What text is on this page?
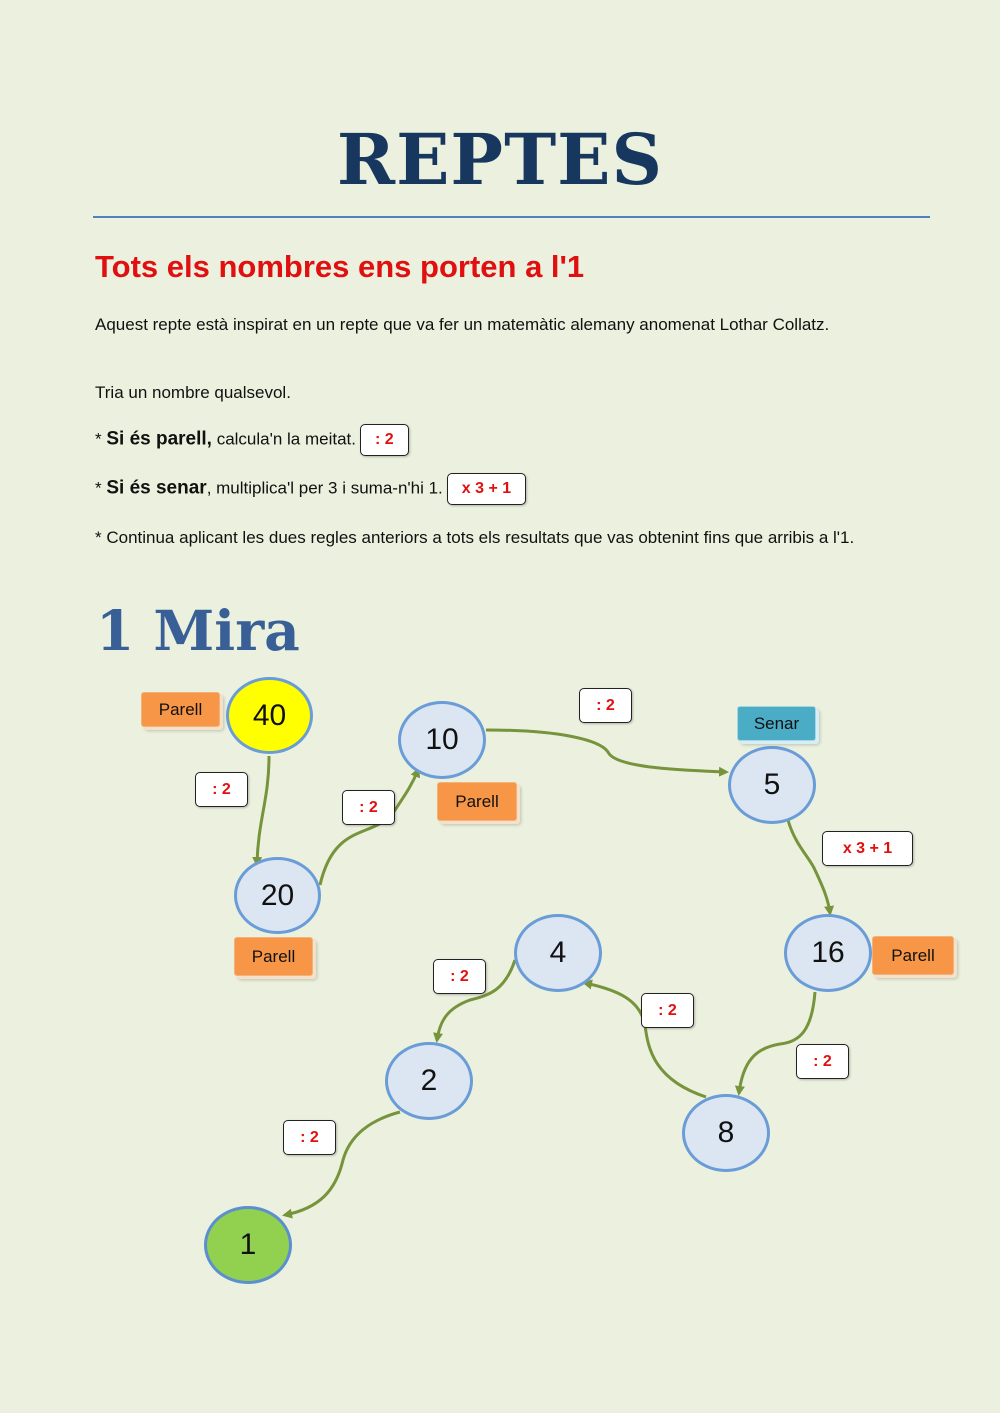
REPTES
Tots els nombres ens porten a l'1
Aquest repte està inspirat en un repte que va fer un matemàtic alemany anomenat Lothar Collatz.
Tria un nombre qualsevol.
* Si és parell, calcula'n la meitat. : 2
* Si és senar, multiplica'l per 3 i suma-n'hi 1. x 3 + 1
* Continua aplicant les dues regles anteriors a tots els resultats que vas obtenint fins que arribis a l'1.
1 Mira
40
20
10
5
16
8
4
2
1
Parell
Parell
Parell
Senar
Parell
: 2
: 2
: 2
x 3 + 1
: 2
: 2
: 2
: 2
